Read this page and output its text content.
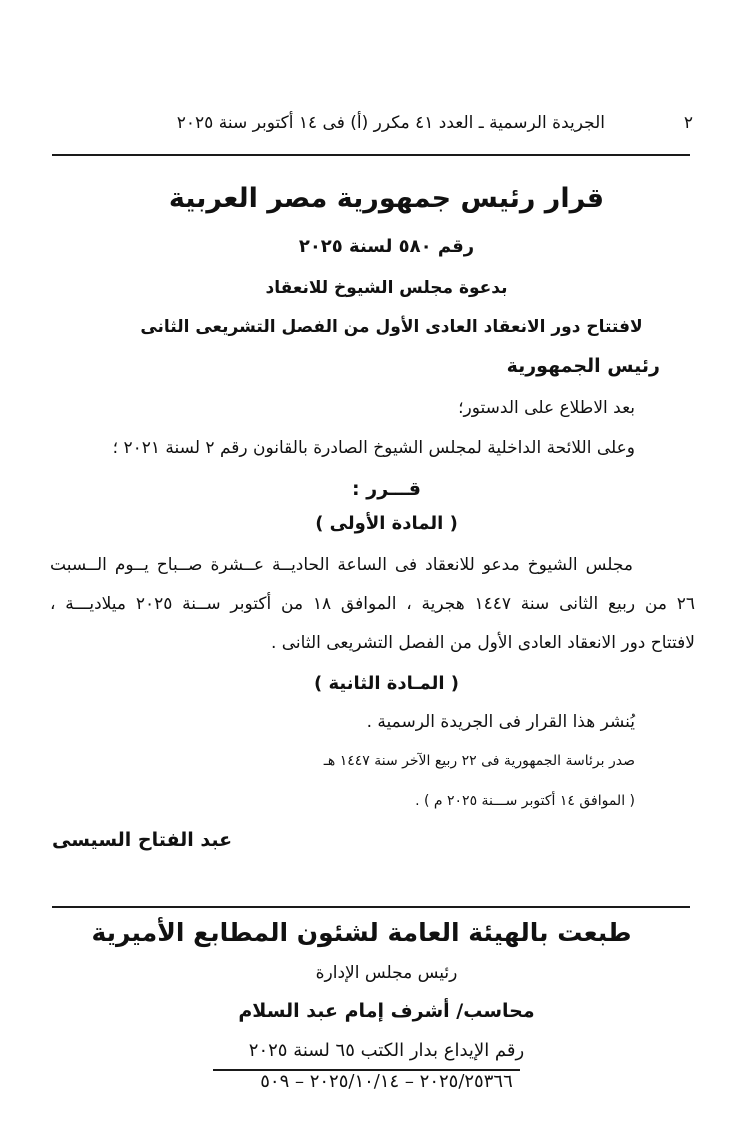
٢
الجريدة الرسمية ـ العدد ٤١ مكرر (أ) فى ١٤ أكتوبر سنة ٢٠٢٥
قرار رئيس جمهورية مصر العربية
رقم ٥٨٠ لسنة ٢٠٢٥
بدعوة مجلس الشيوخ للانعقاد
لافتتاح دور الانعقاد العادى الأول من الفصل التشريعى الثانى
رئيس الجمهورية
بعد الاطلاع على الدستور؛
وعلى اللائحة الداخلية لمجلس الشيوخ الصادرة بالقانون رقم ٢ لسنة ٢٠٢١ ؛
قـــرر :
( المادة الأولى )
مجلس الشيوخ مدعو للانعقاد فى الساعة الحاديــة عــشرة صــباح يــوم الــسبت
٢٦ من ربيع الثانى سنة ١٤٤٧ هجرية ، الموافق ١٨ من أكتوبر ســنة ٢٠٢٥ ميلاديـــة ،
لافتتاح دور الانعقاد العادى الأول من الفصل التشريعى الثانى .
( المـادة الثانية )
يُنشر هذا القرار فى الجريدة الرسمية .
صدر برئاسة الجمهورية فى ٢٢ ربيع الآخر سنة ١٤٤٧ هـ
( الموافق ١٤ أكتوبر ســـنة ٢٠٢٥ م ) .
عبد الفتاح السيسى
طبعت بالهيئة العامة لشئون المطابع الأميرية
رئيس مجلس الإدارة
محاسب/ أشرف إمام عبد السلام
رقم الإيداع بدار الكتب ٦٥ لسنة ٢٠٢٥
٢٠٢٥/٢٥٣٦٦ – ٢٠٢٥/١٠/١٤ – ٥٠٩
